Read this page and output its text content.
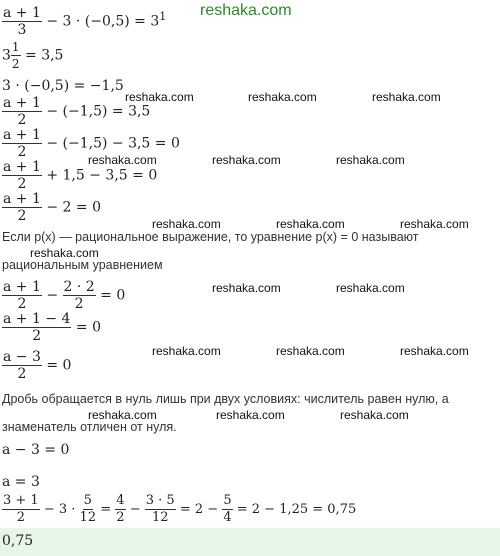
reshaka.com
reshaka.com	reshaka.com	reshaka.com
reshaka.com	reshaka.com	reshaka.com
reshaka.com	reshaka.com	reshaka.com
reshaka.com
reshaka.com	reshaka.com
reshaka.com	reshaka.com	reshaka.com
reshaka.com	reshaka.com	reshaka.com
$\frac{a + 1}{3} - 3 \cdot (-0,5) = 3^1$
$3 \frac{1}{2} = 3,5$
3 · (−0,5) = −1,5
$\frac{a + 1}{2} - (-1,5) = 3,5$
$\frac{a + 1}{2} - (-1,5) - 3,5 = 0$
$\frac{a + 1}{2} + 1,5 - 3,5 = 0$
$\frac{a + 1}{2} - 2 = 0$
Если p(x) — рациональное выражение, то уравнение p(x) = 0 называют
рациональным уравнением
$\frac{a + 1}{2} - \frac{2 \cdot 2}{2} = 0$
$\frac{a + 1 - 4}{2} = 0$
$\frac{a - 3}{2} = 0$
Дробь обращается в нуль лишь при двух условиях: числитель равен нулю, а
знаменатель отличен от нуля.
a − 3 = 0
a = 3
$\frac{3 + 1}{2} - 3 \cdot \frac{5}{12} = \frac{4}{2} - \frac{3 \cdot 5}{12} = 2 - \frac{5}{4} = 2 - 1,25 = 0,75$
0,75
